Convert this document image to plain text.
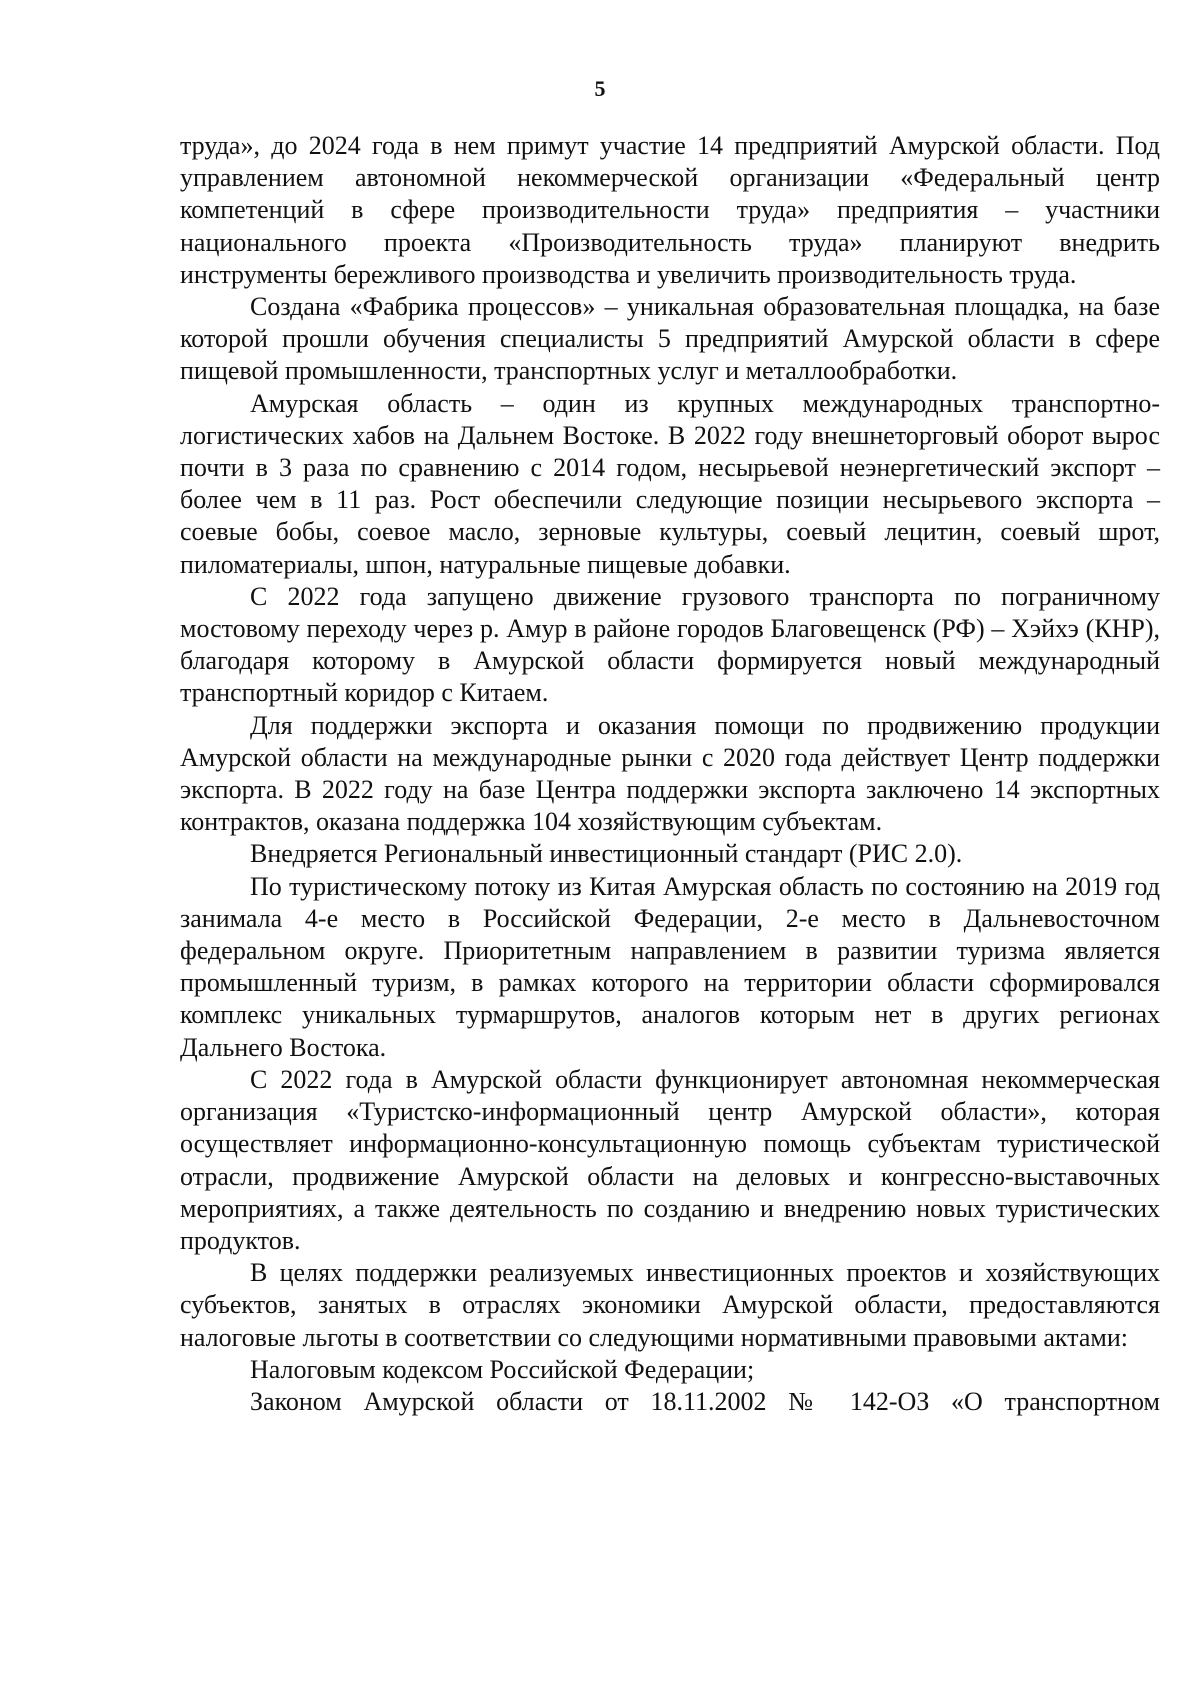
5

труда», до 2024 года в нем примут участие 14 предприятий Амурской области. Под управлением автономной некоммерческой организации «Федеральный центр компетенций в сфере производительности труда» предприятия – участники национального проекта «Производительность труда» планируют внедрить инструменты бережливого производства и увеличить производительность труда.

Создана «Фабрика процессов» – уникальная образовательная площадка, на базе которой прошли обучения специалисты 5 предприятий Амурской области в сфере пищевой промышленности, транспортных услуг и металлообработки.

Амурская область – один из крупных международных транспортно-логистических хабов на Дальнем Востоке. В 2022 году внешнеторговый оборот вырос почти в 3 раза по сравнению с 2014 годом, несырьевой неэнергетический экспорт – более чем в 11 раз. Рост обеспечили следующие позиции несырьевого экспорта – соевые бобы, соевое масло, зерновые культуры, соевый лецитин, соевый шрот, пиломатериалы, шпон, натуральные пищевые добавки.

С 2022 года запущено движение грузового транспорта по пограничному мостовому переходу через р. Амур в районе городов Благовещенск (РФ) – Хэйхэ (КНР), благодаря которому в Амурской области формируется новый международный транспортный коридор с Китаем.

Для поддержки экспорта и оказания помощи по продвижению продукции Амурской области на международные рынки с 2020 года действует Центр поддержки экспорта. В 2022 году на базе Центра поддержки экспорта заключено 14 экспортных контрактов, оказана поддержка 104 хозяйствующим субъектам.

Внедряется Региональный инвестиционный стандарт (РИС 2.0).

По туристическому потоку из Китая Амурская область по состоянию на 2019 год занимала 4-е место в Российской Федерации, 2-е место в Дальневосточном федеральном округе. Приоритетным направлением в развитии туризма является промышленный туризм, в рамках которого на территории области сформировался комплекс уникальных турмаршрутов, аналогов которым нет в других регионах Дальнего Востока.

С 2022 года в Амурской области функционирует автономная некоммерческая организация «Туристско-информационный центр Амурской области», которая осуществляет информационно-консультационную помощь субъектам туристической отрасли, продвижение Амурской области на деловых и конгрессно-выставочных мероприятиях, а также деятельность по созданию и внедрению новых туристических продуктов.

В целях поддержки реализуемых инвестиционных проектов и хозяйствующих субъектов, занятых в отраслях экономики Амурской области, предоставляются налоговые льготы в соответствии со следующими нормативными правовыми актами:

Налоговым кодексом Российской Федерации;

Законом Амурской области от 18.11.2002 № 142-ОЗ «О транспортном
